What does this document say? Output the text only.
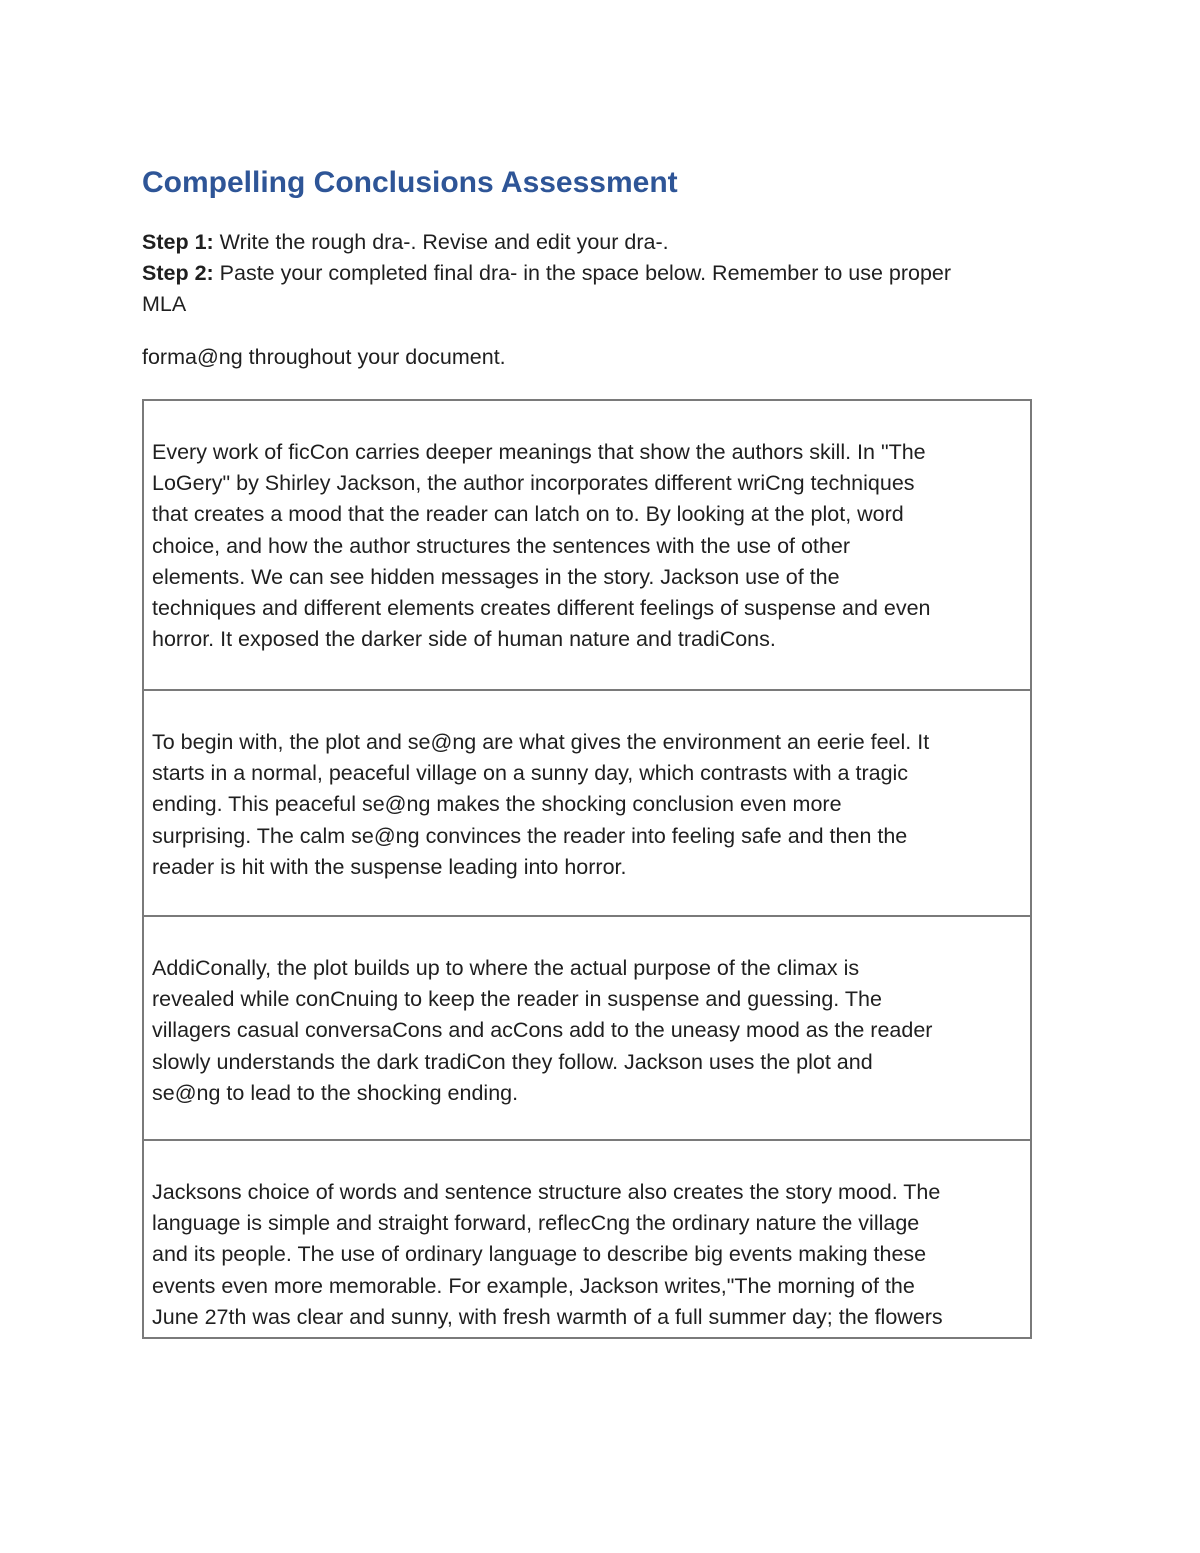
Compelling Conclusions Assessment

Step 1: Write the rough dra-. Revise and edit your dra-.

Step 2: Paste your completed final dra- in the space below. Remember to use proper

MLA

forma@ng throughout your document.

Every work of ficCon carries deeper meanings that show the authors skill. In "The
LoGery" by Shirley Jackson, the author incorporates different wriCng techniques
that creates a mood that the reader can latch on to. By looking at the plot, word
choice, and how the author structures the sentences with the use of other
elements. We can see hidden messages in the story. Jackson use of the
techniques and different elements creates different feelings of suspense and even
horror. It exposed the darker side of human nature and tradiCons.
To begin with, the plot and se@ng are what gives the environment an eerie feel. It
starts in a normal, peaceful village on a sunny day, which contrasts with a tragic
ending. This peaceful se@ng makes the shocking conclusion even more
surprising. The calm se@ng convinces the reader into feeling safe and then the
reader is hit with the suspense leading into horror.
AddiConally, the plot builds up to where the actual purpose of the climax is
revealed while conCnuing to keep the reader in suspense and guessing. The
villagers casual conversaCons and acCons add to the uneasy mood as the reader
slowly understands the dark tradiCon they follow. Jackson uses the plot and
se@ng to lead to the shocking ending.
Jacksons choice of words and sentence structure also creates the story mood. The
language is simple and straight forward, reflecCng the ordinary nature the village
and its people. The use of ordinary language to describe big events making these
events even more memorable. For example, Jackson writes,"The morning of the
June 27th was clear and sunny, with fresh warmth of a full summer day; the flowers
